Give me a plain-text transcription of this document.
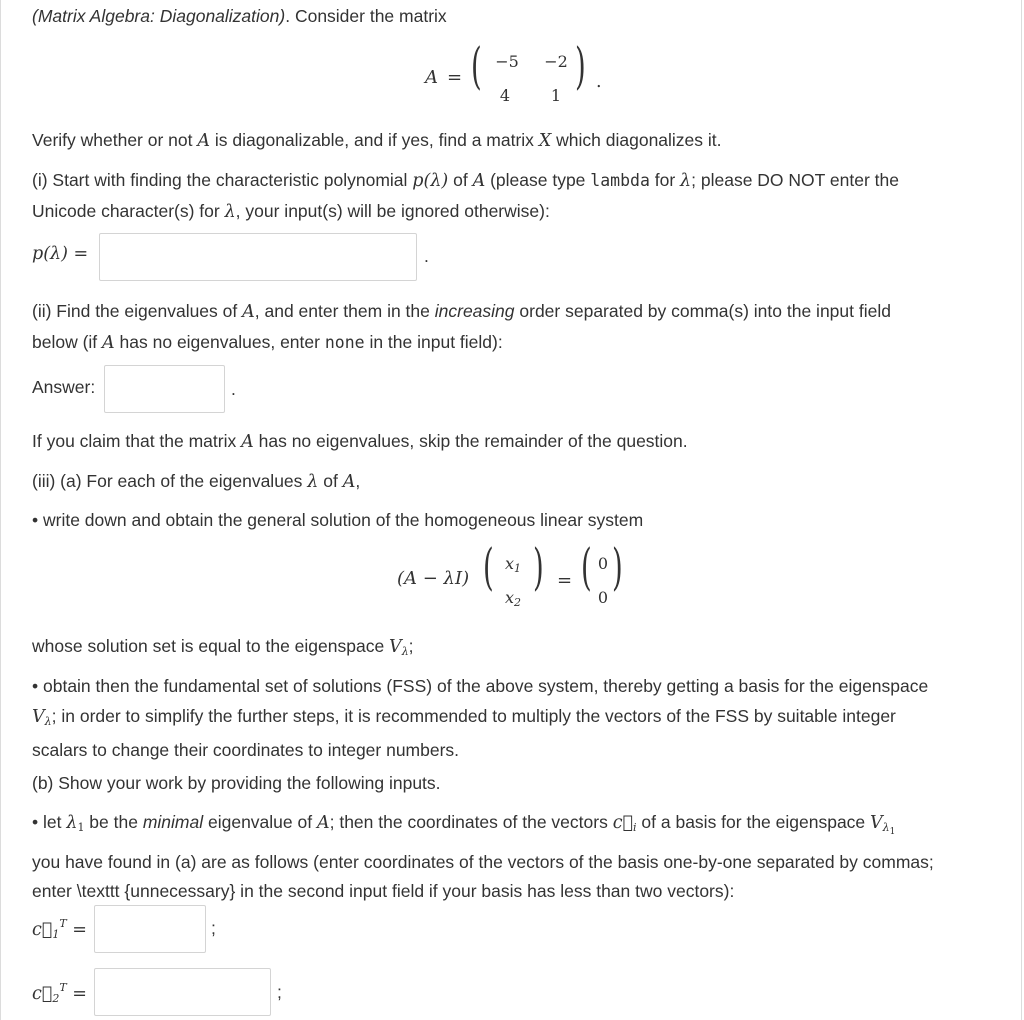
(Matrix Algebra: Diagonalization). Consider the matrix

A = ( −5 −2
4	1
) .

Verify whether or not A is diagonalizable, and if yes, find a matrix X which diagonalizes it.

(i) Start with finding the characteristic polynomial p(λ) of A (please type lambda for λ; please DO NOT enter the
Unicode character(s) for λ, your input(s) will be ignored otherwise):

p(λ) =	.

(ii) Find the eigenvalues of A, and enter them in the increasing order separated by comma(s) into the input field
below (if A has no eigenvalues, enter none in the input field):

Answer:	.

If you claim that the matrix A has no eigenvalues, skip the remainder of the question.

(iii) (a) For each of the eigenvalues λ of A,

• write down and obtain the general solution of the homogeneous linear system

(A − λI) ( $x_1$
$x_2$
) = ( 0
0
)

whose solution set is equal to the eigenspace $V_\lambda$;

• obtain then the fundamental set of solutions (FSS) of the above system, thereby getting a basis for the eigenspace
$V_\lambda$; in order to simplify the further steps, it is recommended to multiply the vectors of the FSS by suitable integer
scalars to change their coordinates to integer numbers.

(b) Show your work by providing the following inputs.

• let $\lambda_1$ be the minimal eigenvalue of A; then the coordinates of the vectors $c⃗_i$ of a basis for the eigenspace $V_{\lambda 1}$
you have found in (a) are as follows (enter coordinates of the vectors of the basis one-by-one separated by commas;
enter \texttt {unnecessary} in the second input field if your basis has less than two vectors):

$c⃗_1^T$ =	;
$c⃗_2^T$ =	;
